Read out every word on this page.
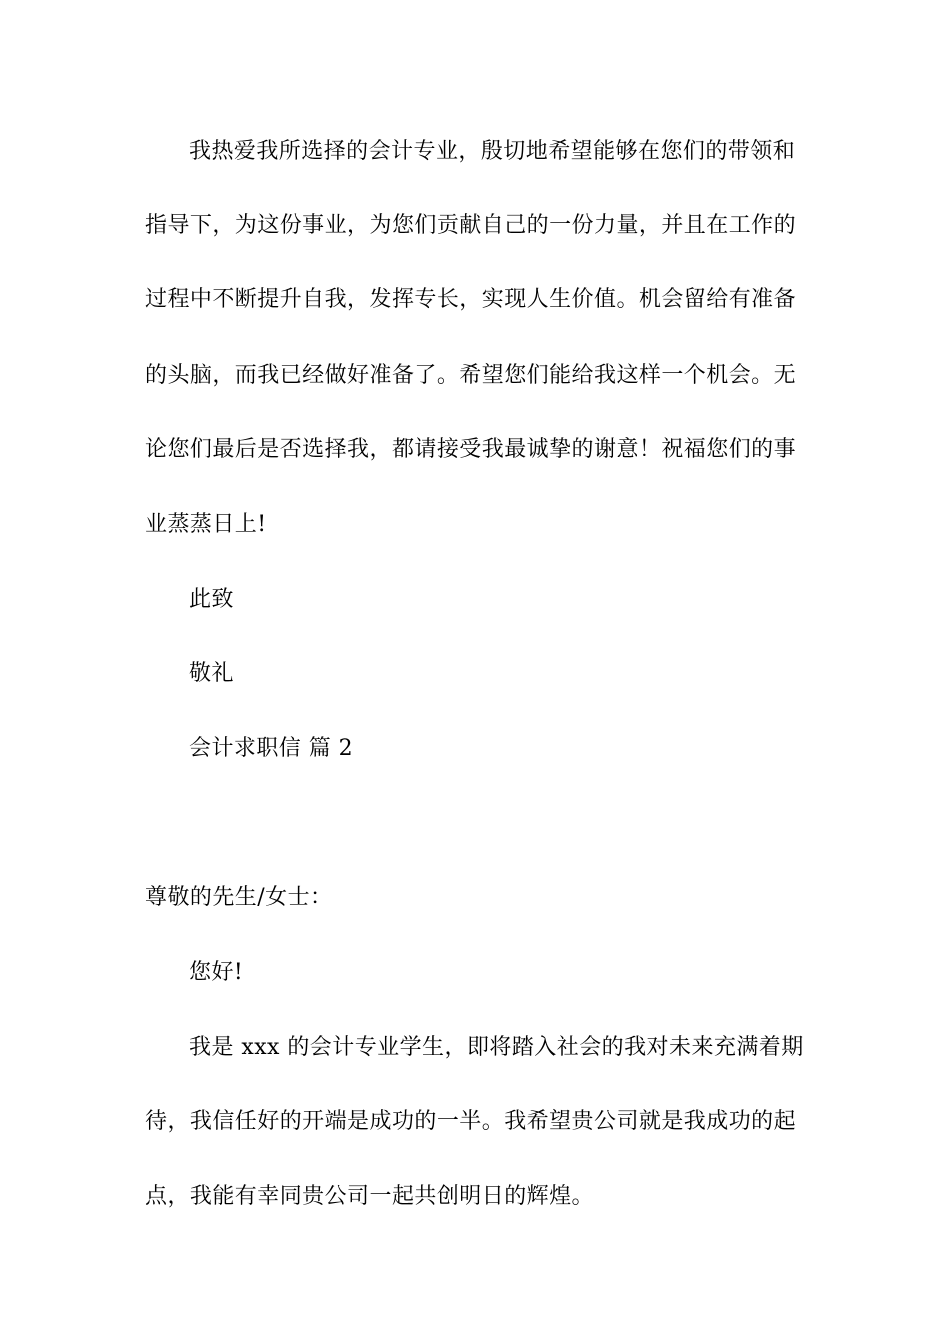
我热爱我所选择的会计专业，殷切地希望能够在您们的带领和
指导下，为这份事业，为您们贡献自己的一份力量，并且在工作的
过程中不断提升自我，发挥专长，实现人生价值。机会留给有准备
的头脑，而我已经做好准备了。希望您们能给我这样一个机会。无
论您们最后是否选择我，都请接受我最诚挚的谢意！祝福您们的事
业蒸蒸日上!
此致
敬礼
会计求职信 篇 2
尊敬的先生/女士：
您好!
我是 xxx 的会计专业学生，即将踏入社会的我对未来充满着期
待，我信任好的开端是成功的一半。我希望贵公司就是我成功的起
点，我能有幸同贵公司一起共创明日的辉煌。
